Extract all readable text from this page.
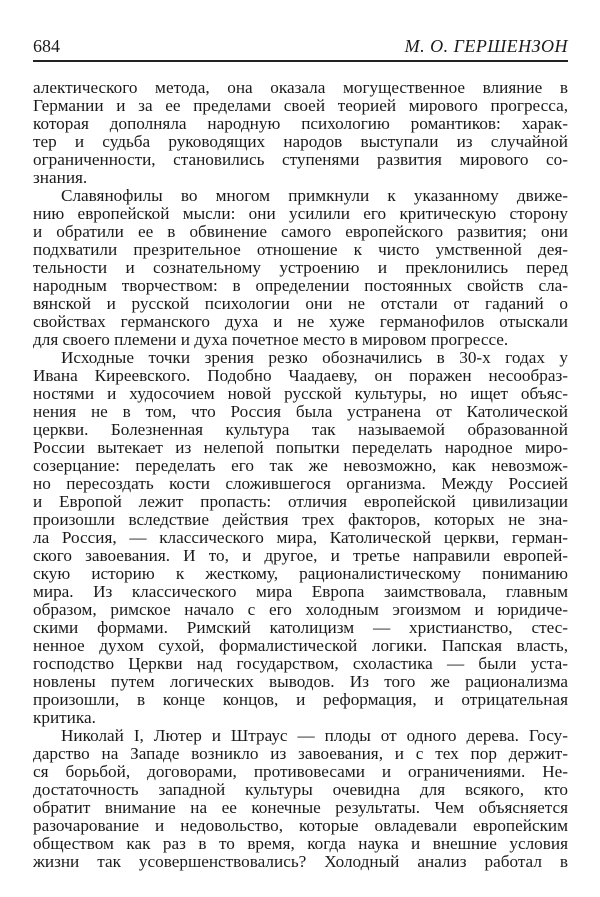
684	М. О. ГЕРШЕНЗОН
алектического метода, она оказала могущественное влияние в
Германии и за ее пределами своей теорией мирового прогресса,
которая дополняла народную психологию романтиков: харак-
тер и судьба руководящих народов выступали из случайной
ограниченности, становились ступенями развития мирового со-
знания.
Славянофилы во многом примкнули к указанному движе-
нию европейской мысли: они усилили его критическую сторону
и обратили ее в обвинение самого европейского развития; они
подхватили презрительное отношение к чисто умственной дея-
тельности и сознательному устроению и преклонились перед
народным творчеством: в определении постоянных свойств сла-
вянской и русской психологии они не отстали от гаданий о
свойствах германского духа и не хуже германофилов отыскали
для своего племени и духа почетное место в мировом прогрессе.
Исходные точки зрения резко обозначились в 30-х годах у
Ивана Киреевского. Подобно Чаадаеву, он поражен несообраз-
ностями и худосочием новой русской культуры, но ищет объяс-
нения не в том, что Россия была устранена от Католической
церкви. Болезненная культура так называемой образованной
России вытекает из нелепой попытки переделать народное миро-
созерцание: переделать его так же невозможно, как невозмож-
но пересоздать кости сложившегося организма. Между Россией
и Европой лежит пропасть: отличия европейской цивилизации
произошли вследствие действия трех факторов, которых не зна-
ла Россия, — классического мира, Католической церкви, герман-
ского завоевания. И то, и другое, и третье направили европей-
скую историю к жесткому, рационалистическому пониманию
мира. Из классического мира Европа заимствовала, главным
образом, римское начало с его холодным эгоизмом и юридиче-
скими формами. Римский католицизм — христианство, стес-
ненное духом сухой, формалистической логики. Папская власть,
господство Церкви над государством, схоластика — были уста-
новлены путем логических выводов. Из того же рационализма
произошли, в конце концов, и реформация, и отрицательная
критика.
Николай I, Лютер и Штраус — плоды от одного дерева. Госу-
дарство на Западе возникло из завоевания, и с тех пор держит-
ся борьбой, договорами, противовесами и ограничениями. Не-
достаточность западной культуры очевидна для всякого, кто
обратит внимание на ее конечные результаты. Чем объясняется
разочарование и недовольство, которые овладевали европейским
обществом как раз в то время, когда наука и внешние условия
жизни так усовершенствовались? Холодный анализ работал в
